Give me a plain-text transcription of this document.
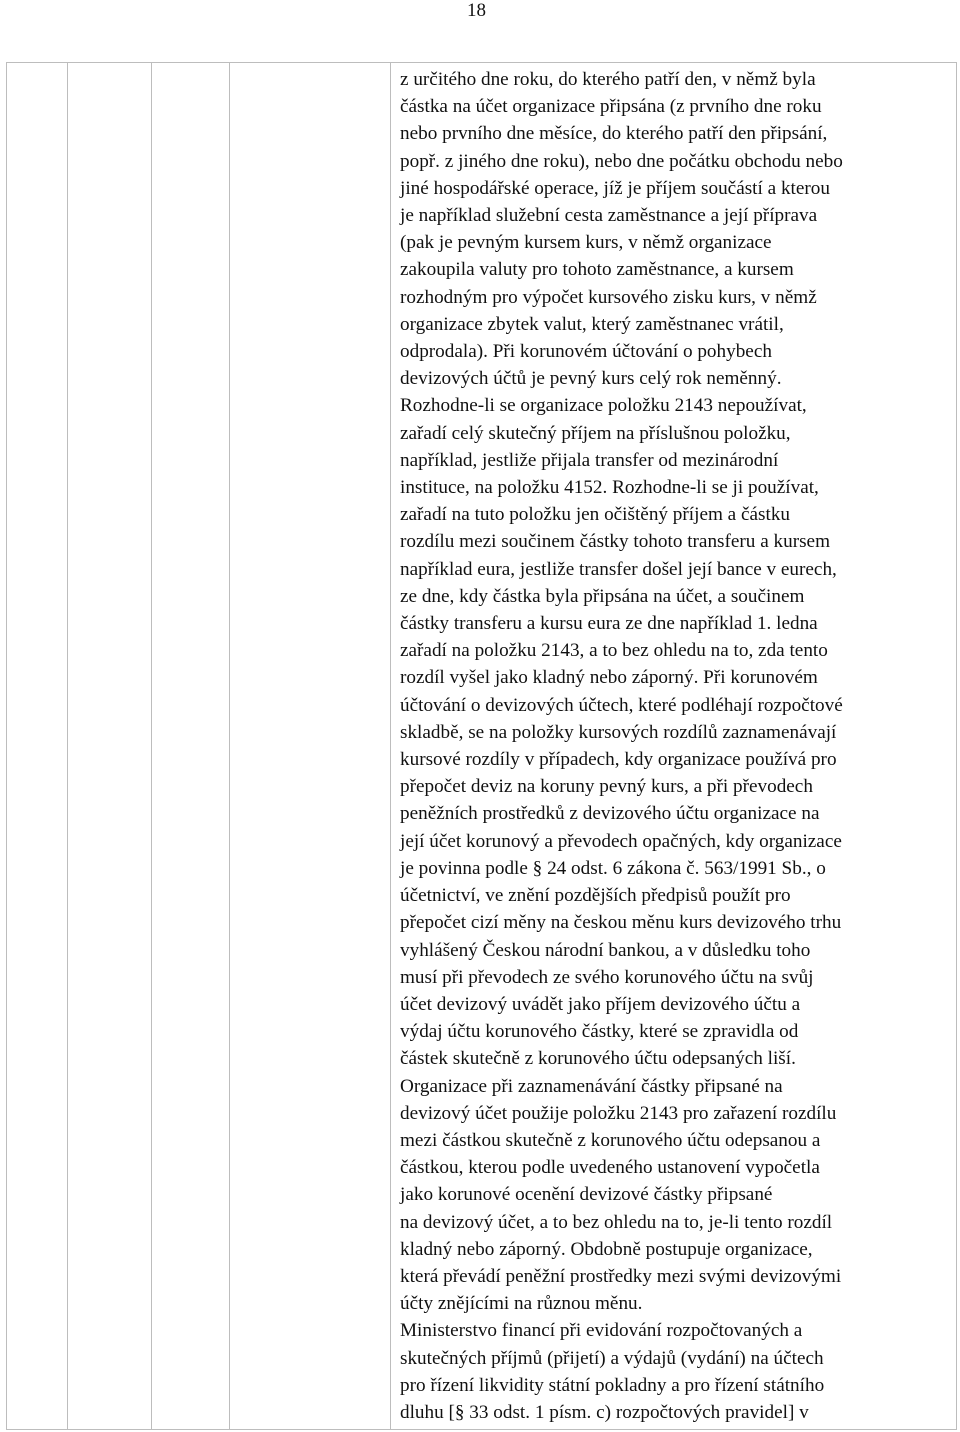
18

z určitého dne roku, do kterého patří den, v němž byla
částka na účet organizace připsána (z prvního dne roku
nebo prvního dne měsíce, do kterého patří den připsání,
popř. z jiného dne roku), nebo dne počátku obchodu nebo
jiné hospodářské operace, jíž je příjem součástí a kterou
je například služební cesta zaměstnance a její příprava
(pak je pevným kursem kurs, v němž organizace
zakoupila valuty pro tohoto zaměstnance, a kursem
rozhodným pro výpočet kursového zisku kurs, v němž
organizace zbytek valut, který zaměstnanec vrátil,
odprodala). Při korunovém účtování o pohybech
devizových účtů je pevný kurs celý rok neměnný.
Rozhodne-li se organizace položku 2143 nepoužívat,
zařadí celý skutečný příjem na příslušnou položku,
například, jestliže přijala transfer od mezinárodní
instituce, na položku 4152. Rozhodne-li se ji používat,
zařadí na tuto položku jen očištěný příjem a částku
rozdílu mezi součinem částky tohoto transferu a kursem
například eura, jestliže transfer došel její bance v eurech,
ze dne, kdy částka byla připsána na účet, a součinem
částky transferu a kursu eura ze dne například 1. ledna
zařadí na položku 2143, a to bez ohledu na to, zda tento
rozdíl vyšel jako kladný nebo záporný. Při korunovém
účtování o devizových účtech, které podléhají rozpočtové
skladbě, se na položky kursových rozdílů zaznamenávají
kursové rozdíly v případech, kdy organizace používá pro
přepočet deviz na koruny pevný kurs, a při převodech
peněžních prostředků z devizového účtu organizace na
její účet korunový a převodech opačných, kdy organizace
je povinna podle § 24 odst. 6 zákona č. 563/1991 Sb., o
účetnictví, ve znění pozdějších předpisů použít pro
přepočet cizí měny na českou měnu kurs devizového trhu
vyhlášený Českou národní bankou, a v důsledku toho
musí při převodech ze svého korunového účtu na svůj
účet devizový uvádět jako příjem devizového účtu a
výdaj účtu korunového částky, které se zpravidla od
částek skutečně z korunového účtu odepsaných liší.
Organizace při zaznamenávání částky připsané na
devizový účet použije položku 2143 pro zařazení rozdílu
mezi částkou skutečně z korunového účtu odepsanou a
částkou, kterou podle uvedeného ustanovení vypočetla
jako korunové ocenění devizové částky připsané
na devizový účet, a to bez ohledu na to, je-li tento rozdíl
kladný nebo záporný. Obdobně postupuje organizace,
která převádí peněžní prostředky mezi svými devizovými
účty znějícími na různou měnu.
Ministerstvo financí při evidování rozpočtovaných a
skutečných příjmů (přijetí) a výdajů (vydání) na účtech
pro řízení likvidity státní pokladny a pro řízení státního
dluhu [§ 33 odst. 1 písm. c) rozpočtových pravidel] v
